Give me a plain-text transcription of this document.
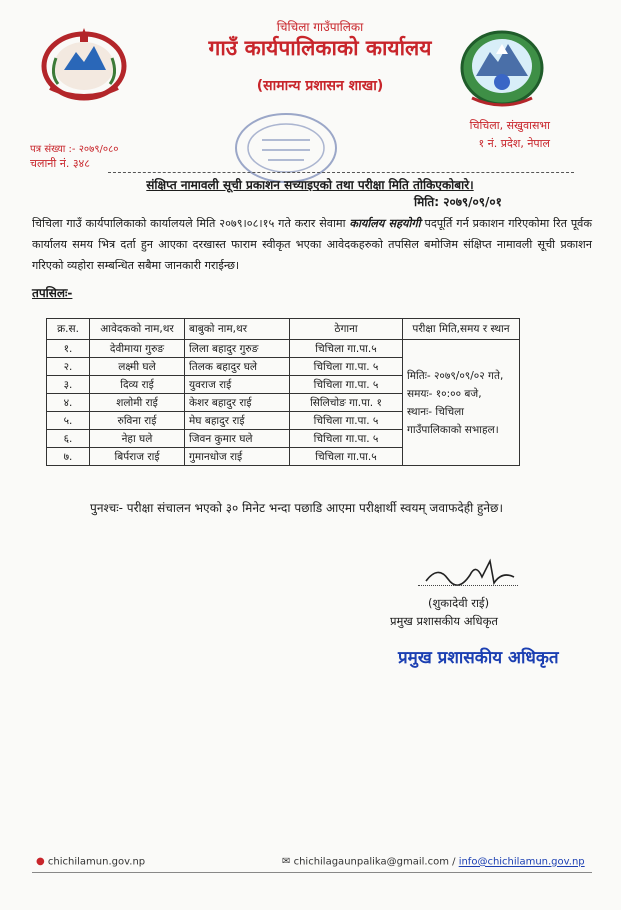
चिचिला गाउँपालिका
गाउँ कार्यपालिकाको कार्यालय
(सामान्य प्रशासन शाखा)
चिचिला, संखुवासभा
१ नं. प्रदेश, नेपाल
पत्र संख्या :- २०७९/०८०
चलानी नं. ३४८
संक्षिप्त नामावली सूची प्रकाशन सच्याइएको तथा परीक्षा मिति तोकिएकोबारे।
मिति: २०७९/०९/०१
चिचिला गाउँ कार्यपालिकाको कार्यालयले मिति २०७९।०८।१५ गते करार सेवामा कार्यालय सहयोगी पदपूर्ति गर्न प्रकाशन गरिएकोमा रित पूर्वक कार्यालय समय भित्र दर्ता हुन आएका दरखास्त फाराम स्वीकृत भएका आवेदकहरुको तपसिल बमोजिम संक्षिप्त नामावली सूची प्रकाशन गरिएको व्यहोरा सम्बन्धित सबैमा जानकारी गराईन्छ।
तपसिलः-
क्र.स.	आवेदकको नाम,थर	बाबुको नाम,थर	ठेगाना	परीक्षा मिति,समय र स्थान
१.	देवीमाया गुरुङ	लिला बहादुर गुरुङ	चिचिला गा.पा.५	मितिः- २०७९/०९/०२ गते,
समयः- १०:०० बजे,
स्थानः- चिचिला
गाउँपालिकाको सभाहल।

२.	लक्ष्मी घले	तिलक बहादुर घले	चिचिला गा.पा. ५	
३.	दिव्य राई	युवराज राई	चिचिला गा.पा. ५	
४.	शलोमी राई	केशर बहादुर राई	सिलिचोङ गा.पा. १	
५.	रुविना राई	मेघ बहादुर राई	चिचिला गा.पा. ५	
६.	नेहा घले	जिवन कुमार घले	चिचिला गा.पा. ५	
७.	बिर्पराज राई	गुमानधोज राई	चिचिला गा.पा.५	
पुनश्चः- परीक्षा संचालन भएको ३० मिनेट भन्दा पछाडि आएमा परीक्षार्थी स्वयम् जवाफदेही हुनेछ।
(शुकादेवी राई)
प्रमुख प्रशासकीय अधिकृत
प्रमुख प्रशासकीय अधिकृत
● chichilamun.gov.np	✉ chichilagaunpalika@gmail.com / info@chichilamun.gov.np
